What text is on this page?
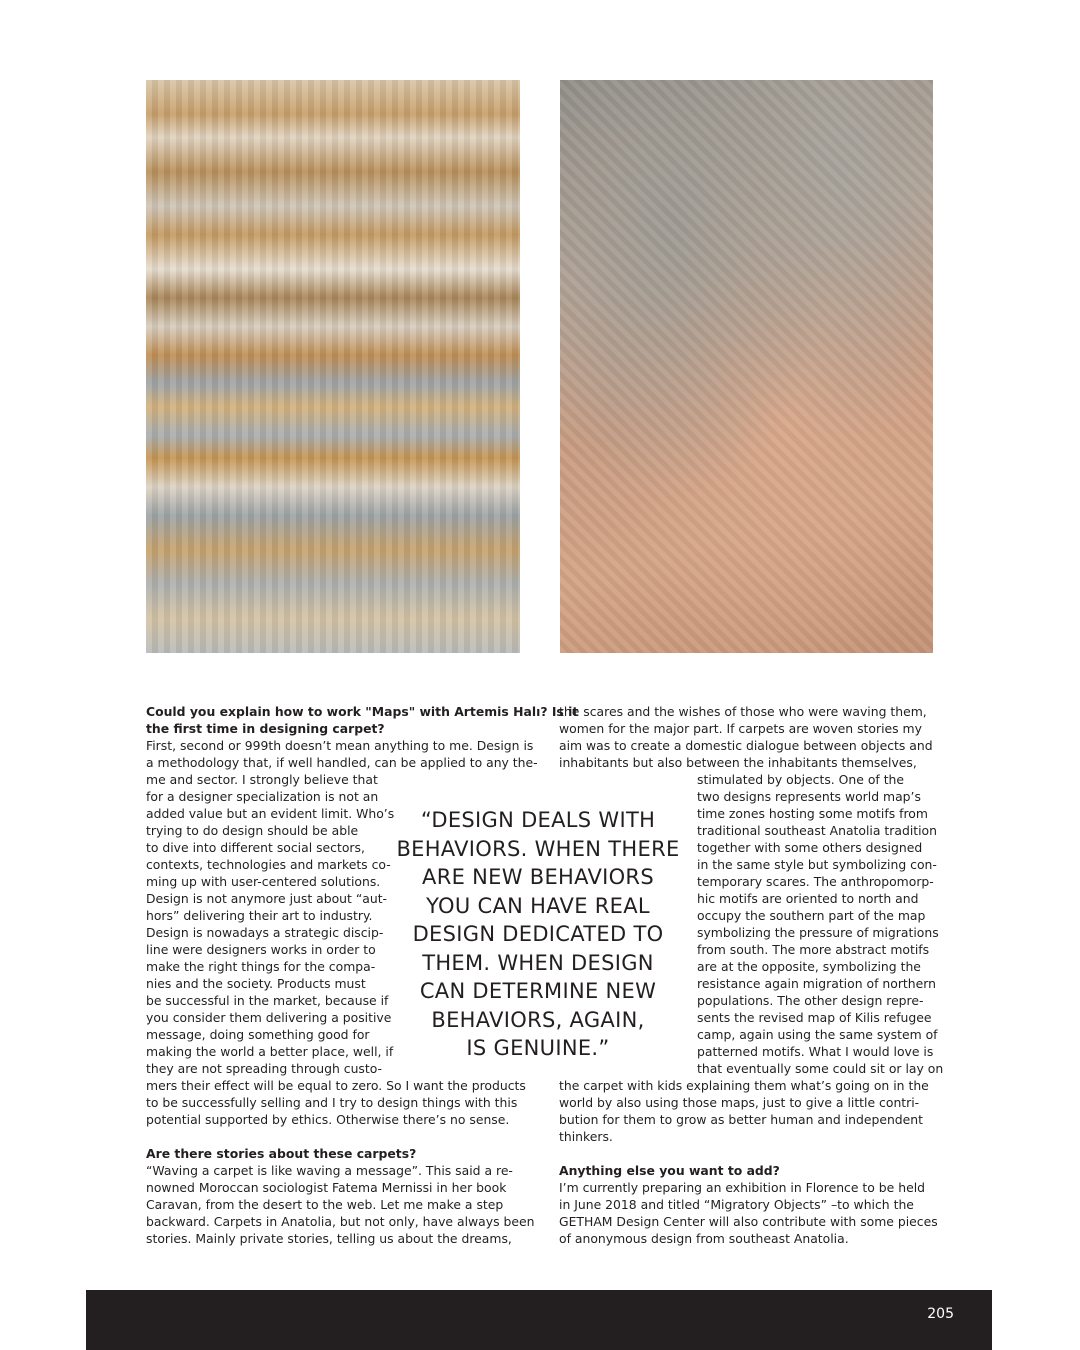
Could you explain how to work "Maps" with Artemis Halı? Is it
the first time in designing carpet?
First, second or 999th doesn’t mean anything to me. Design is
a methodology that, if well handled, can be applied to any the-
me and sector. I strongly believe that
for a designer specialization is not an
added value but an evident limit. Who’s
trying to do design should be able
to dive into different social sectors,
contexts, technologies and markets co-
ming up with user-centered solutions.
Design is not anymore just about “aut-
hors” delivering their art to industry.
Design is nowadays a strategic discip-
line were designers works in order to
make the right things for the compa-
nies and the society. Products must
be successful in the market, because if
you consider them delivering a positive
message, doing something good for
making the world a better place, well, if
they are not spreading through custo-
mers their effect will be equal to zero. So I want the products
to be successfully selling and I try to design things with this
potential supported by ethics. Otherwise there’s no sense.
Are there stories about these carpets?
“Waving a carpet is like waving a message”. This said a re-
nowned Moroccan sociologist Fatema Mernissi in her book
Caravan, from the desert to the web. Let me make a step
backward. Carpets in Anatolia, but not only, have always been
stories. Mainly private stories, telling us about the dreams,
the scares and the wishes of those who were waving them,
women for the major part. If carpets are woven stories my
aim was to create a domestic dialogue between objects and
inhabitants but also between the inhabitants themselves,
stimulated by objects. One of the
two designs represents world map’s
time zones hosting some motifs from
traditional southeast Anatolia tradition
together with some others designed
in the same style but symbolizing con-
temporary scares. The anthropomorp-
hic motifs are oriented to north and
occupy the southern part of the map
symbolizing the pressure of migrations
from south. The more abstract motifs
are at the opposite, symbolizing the
resistance again migration of northern
populations. The other design repre-
sents the revised map of Kilis refugee
camp, again using the same system of
patterned motifs. What I would love is
that eventually some could sit or lay on
the carpet with kids explaining them what’s going on in the
world by also using those maps, just to give a little contri-
bution for them to grow as better human and independent
thinkers.
Anything else you want to add?
I’m currently preparing an exhibition in Florence to be held
in June 2018 and titled “Migratory Objects” –to which the
GETHAM Design Center will also contribute with some pieces
of anonymous design from southeast Anatolia.
“DESIGN DEALS WITH
BEHAVIORS. WHEN THERE
ARE NEW BEHAVIORS
YOU CAN HAVE REAL
DESIGN DEDICATED TO
THEM. WHEN DESIGN
CAN DETERMINE NEW
BEHAVIORS, AGAIN,
IS GENUINE.”
205
